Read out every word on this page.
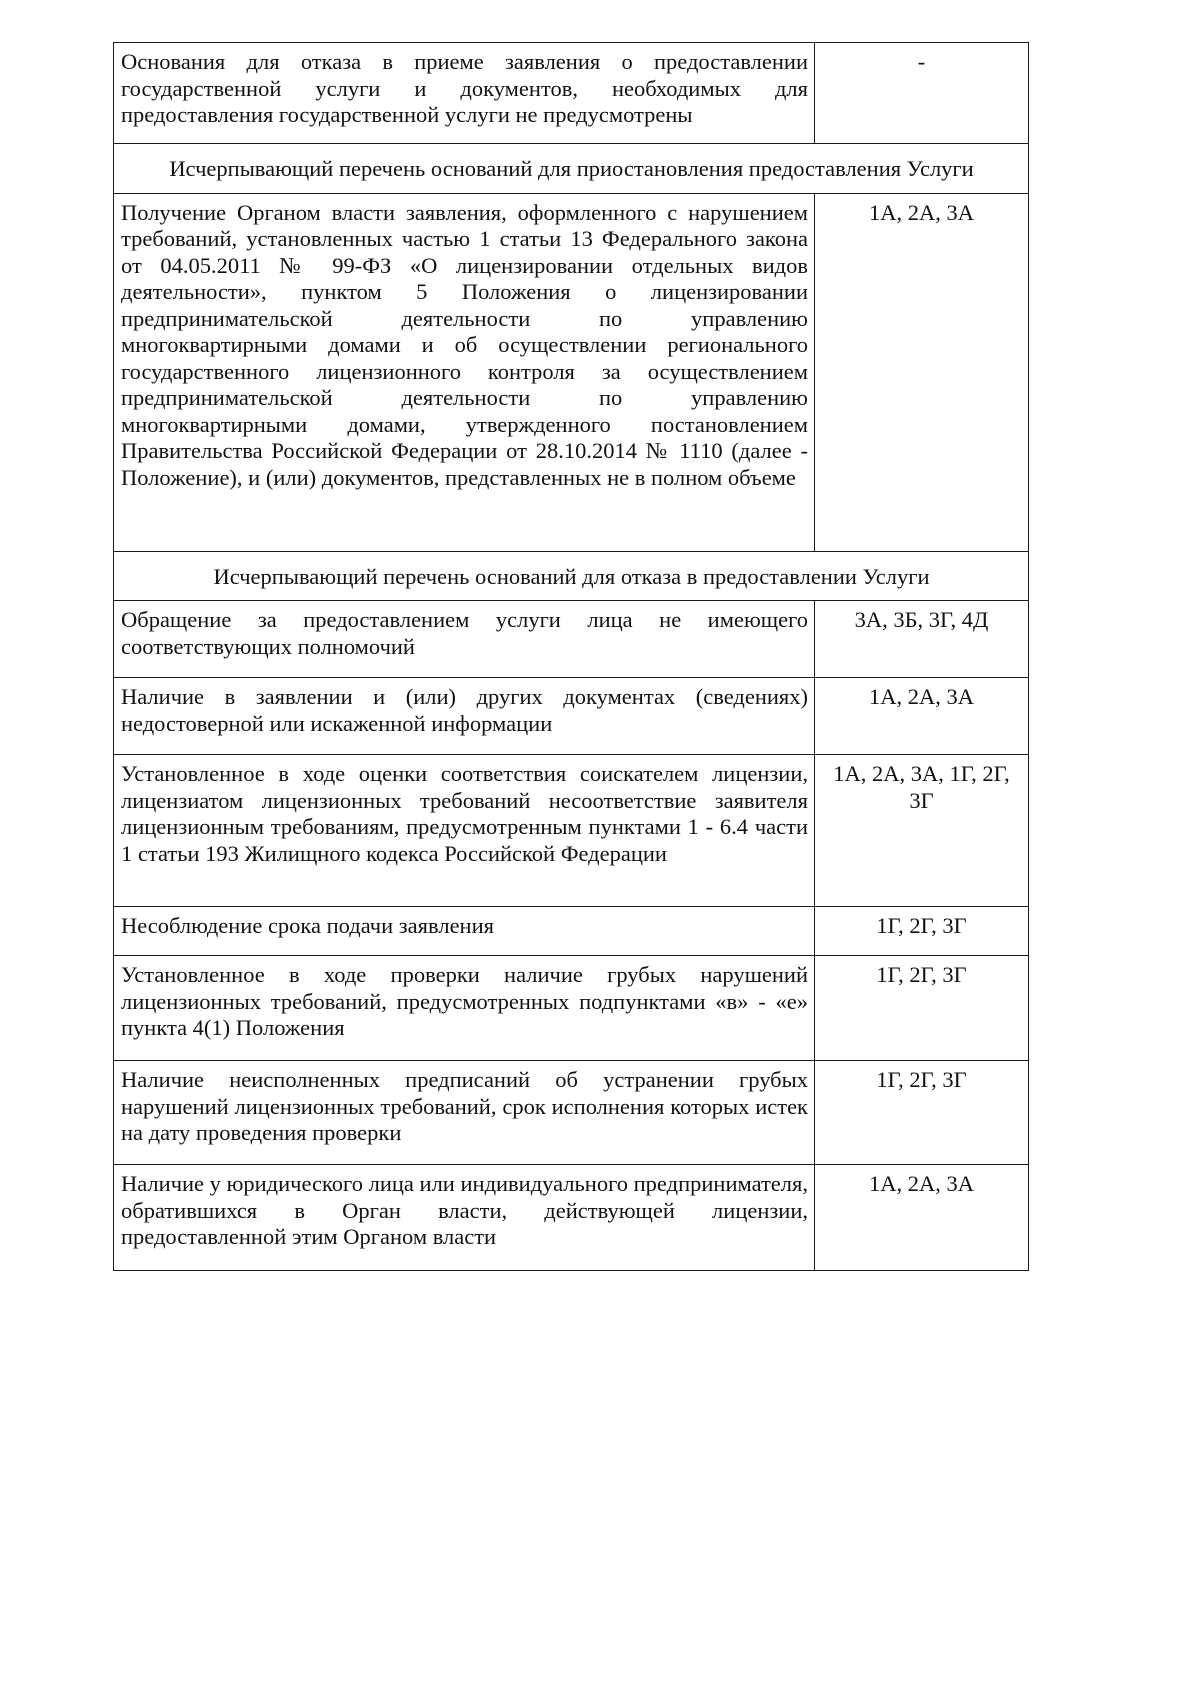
Основания для отказа в приеме заявления о предоставлении государственной услуги и документов, необходимых для предоставления государственной услуги не предусмотрены	-
Исчерпывающий перечень оснований для приостановления предоставления Услуги	
Получение Органом власти заявления, оформленного с нарушением требований, установленных частью 1 статьи 13 Федерального закона от 04.05.2011 № 99-ФЗ «О лицензировании отдельных видов деятельности», пунктом 5 Положения о лицензировании предпринимательской деятельности по управлению многоквартирными домами и об осуществлении регионального государственного лицензионного контроля за осуществлением предпринимательской деятельности по управлению многоквартирными домами, утвержденного постановлением Правительства Российской Федерации от 28.10.2014 № 1110 (далее - Положение), и (или) документов, представленных не в полном объеме	1А, 2А, 3А
Исчерпывающий перечень оснований для отказа в предоставлении Услуги	
Обращение за предоставлением услуги лица не имеющего соответствующих полномочий	3А, 3Б, 3Г, 4Д
Наличие в заявлении и (или) других документах (сведениях) недостоверной или искаженной информации	1А, 2А, 3А
Установленное в ходе оценки соответствия соискателем лицензии, лицензиатом лицензионных требований несоответствие заявителя лицензионным требованиям, предусмотренным пунктами 1 - 6.4 части 1 статьи 193 Жилищного кодекса Российской Федерации	1А, 2А, 3А, 1Г, 2Г, 3Г
Несоблюдение срока подачи заявления	1Г, 2Г, 3Г
Установленное в ходе проверки наличие грубых нарушений лицензионных требований, предусмотренных подпунктами «в» - «е» пункта 4(1) Положения	1Г, 2Г, 3Г
Наличие неисполненных предписаний об устранении грубых нарушений лицензионных требований, срок исполнения которых истек на дату проведения проверки	1Г, 2Г, 3Г
Наличие у юридического лица или индивидуального предпринимателя, обратившихся в Орган власти, действующей лицензии, предоставленной этим Органом власти	1А, 2А, 3А
